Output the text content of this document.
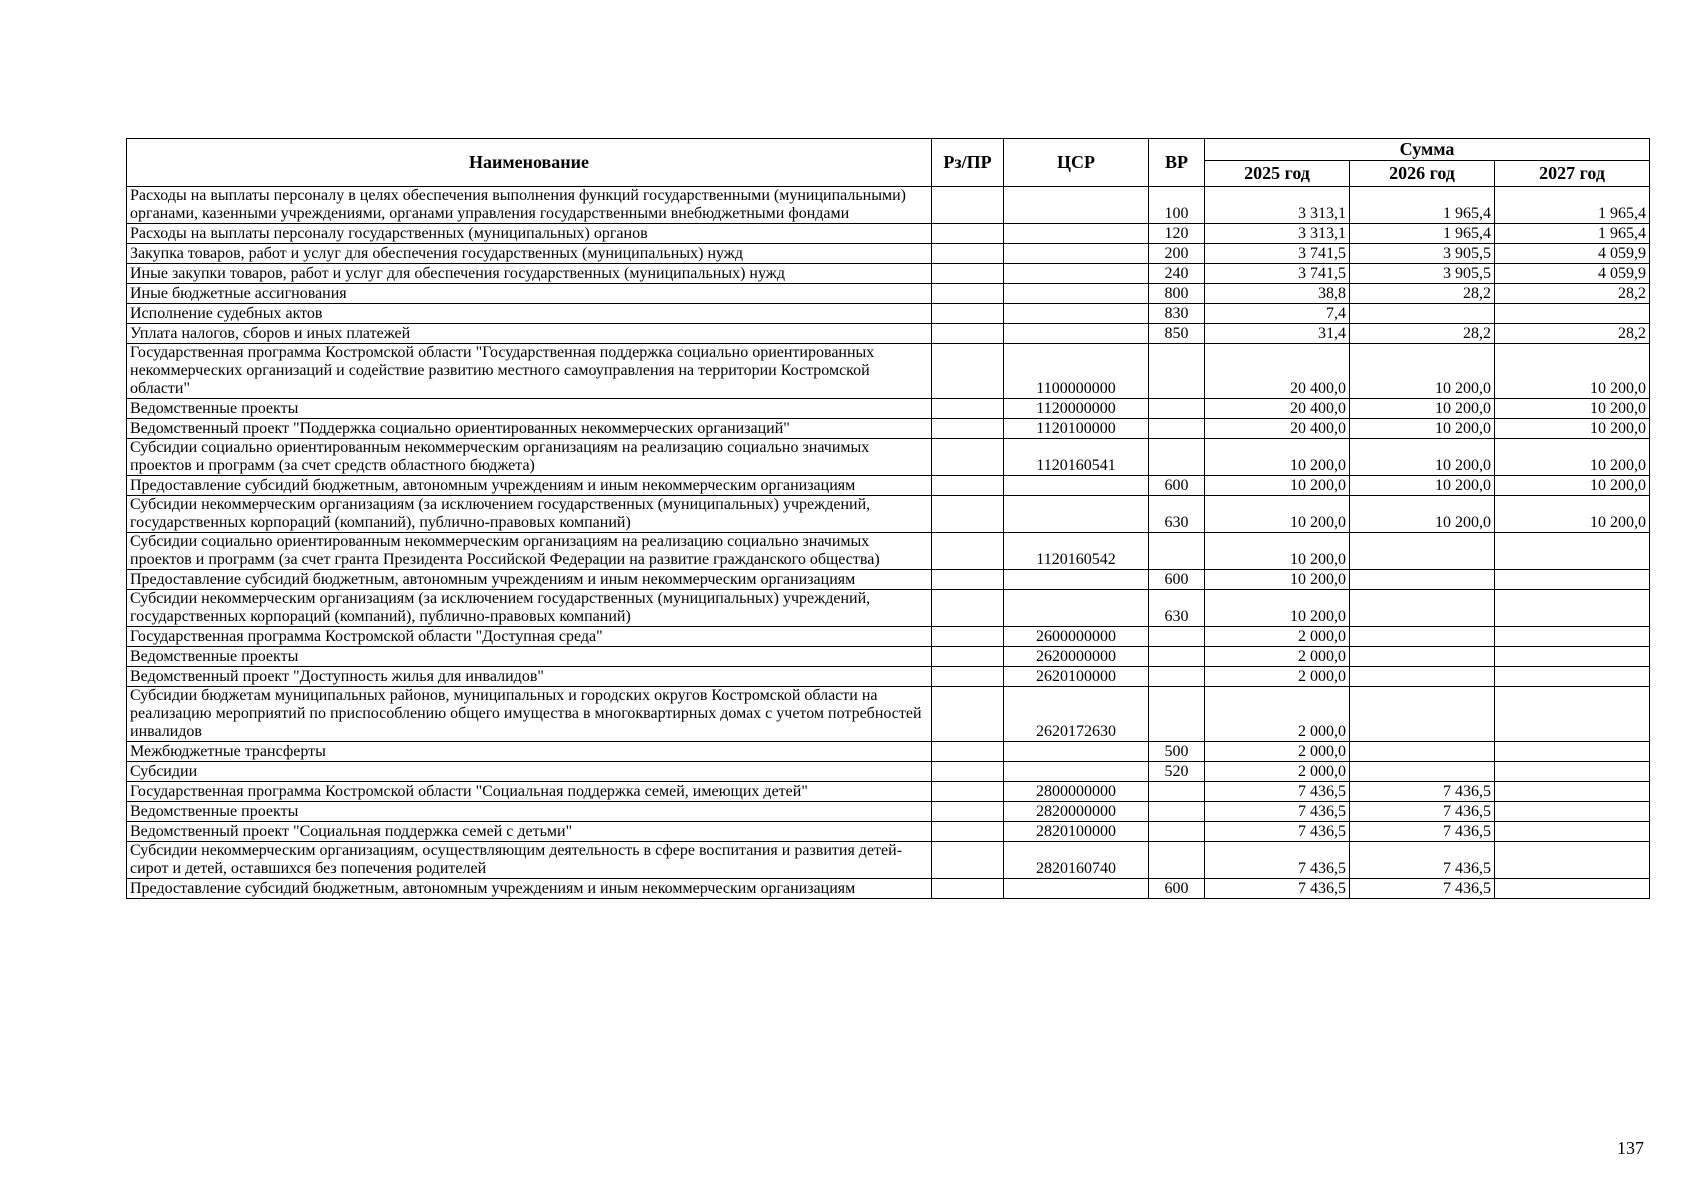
Наименование	Рз/ПР	ЦСР	ВР	Сумма		
				2025 год	2026 год	2027 год
Расходы на выплаты персоналу в целях обеспечения выполнения функций государственными (муниципальными) органами, казенными учреждениями, органами управления государственными внебюджетными фондами			100	3 313,1	1 965,4	1 965,4
Расходы на выплаты персоналу государственных (муниципальных) органов			120	3 313,1	1 965,4	1 965,4
Закупка товаров, работ и услуг для обеспечения государственных (муниципальных) нужд			200	3 741,5	3 905,5	4 059,9
Иные закупки товаров, работ и услуг для обеспечения государственных (муниципальных) нужд			240	3 741,5	3 905,5	4 059,9
Иные бюджетные ассигнования			800	38,8	28,2	28,2
Исполнение судебных актов			830	7,4		
Уплата налогов, сборов и иных платежей			850	31,4	28,2	28,2
Государственная программа Костромской области "Государственная поддержка социально ориентированных некоммерческих организаций и содействие развитию местного самоуправления на территории Костромской области"		1100000000		20 400,0	10 200,0	10 200,0
Ведомственные проекты		1120000000		20 400,0	10 200,0	10 200,0
Ведомственный проект "Поддержка социально ориентированных некоммерческих организаций"		1120100000		20 400,0	10 200,0	10 200,0
Субсидии социально ориентированным некоммерческим организациям на реализацию социально значимых проектов и программ (за счет средств областного бюджета)		1120160541		10 200,0	10 200,0	10 200,0
Предоставление субсидий бюджетным, автономным учреждениям и иным некоммерческим организациям			600	10 200,0	10 200,0	10 200,0
Субсидии некоммерческим организациям (за исключением государственных (муниципальных) учреждений, государственных корпораций (компаний), публично-правовых компаний)			630	10 200,0	10 200,0	10 200,0
Субсидии социально ориентированным некоммерческим организациям на реализацию социально значимых проектов и программ (за счет гранта Президента Российской Федерации на развитие гражданского общества)		1120160542		10 200,0		
Предоставление субсидий бюджетным, автономным учреждениям и иным некоммерческим организациям			600	10 200,0		
Субсидии некоммерческим организациям (за исключением государственных (муниципальных) учреждений, государственных корпораций (компаний), публично-правовых компаний)			630	10 200,0		
Государственная программа Костромской области "Доступная среда"		2600000000		2 000,0		
Ведомственные проекты		2620000000		2 000,0		
Ведомственный проект "Доступность жилья для инвалидов"		2620100000		2 000,0		
Субсидии бюджетам муниципальных районов, муниципальных и городских округов Костромской области на реализацию мероприятий по приспособлению общего имущества в многоквартирных домах с учетом потребностей инвалидов		2620172630		2 000,0		
Межбюджетные трансферты			500	2 000,0		
Субсидии			520	2 000,0		
Государственная программа Костромской области "Социальная поддержка семей, имеющих детей"		2800000000		7 436,5	7 436,5	
Ведомственные проекты		2820000000		7 436,5	7 436,5	
Ведомственный проект "Социальная поддержка семей с детьми"		2820100000		7 436,5	7 436,5	
Субсидии некоммерческим организациям, осуществляющим деятельность в сфере воспитания и развития детей-сирот и детей, оставшихся без попечения родителей		2820160740		7 436,5	7 436,5	
Предоставление субсидий бюджетным, автономным учреждениям и иным некоммерческим организациям			600	7 436,5	7 436,5	
137
